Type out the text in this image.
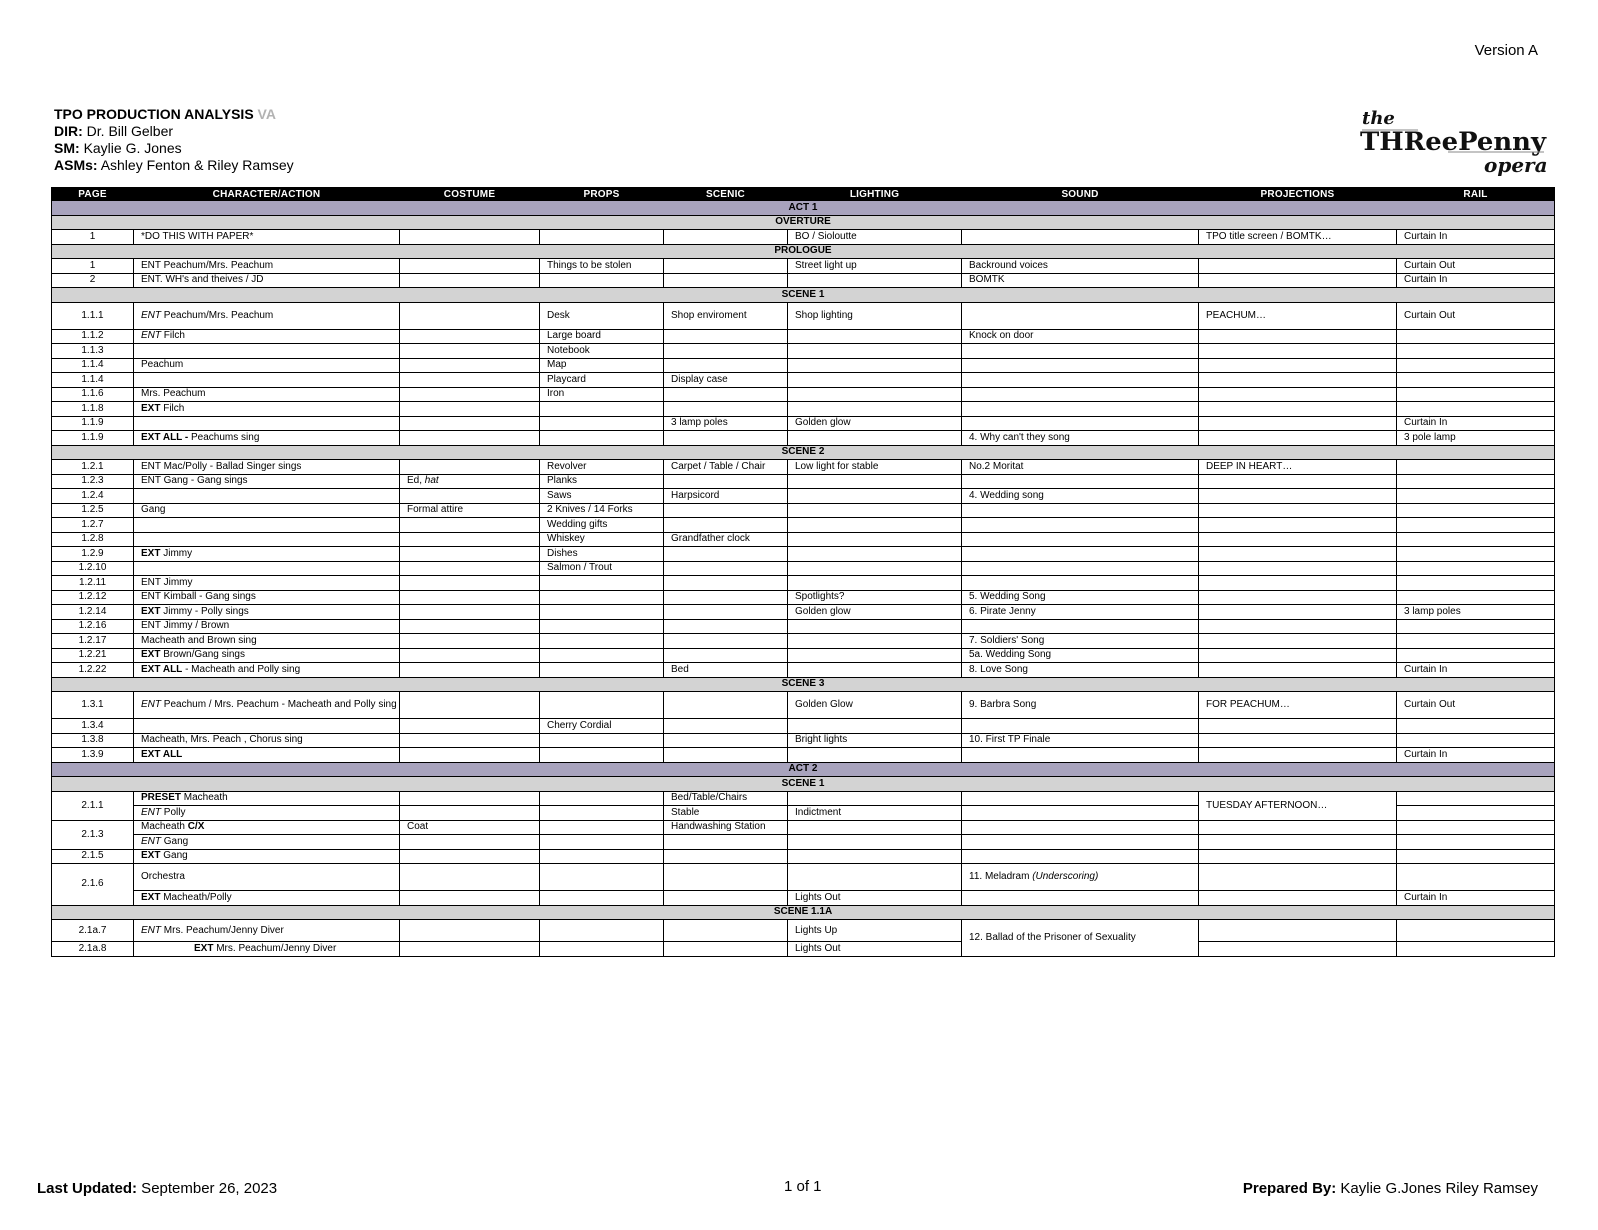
Version A
TPO PRODUCTION ANALYSIS VA
DIR: Dr. Bill Gelber
SM: Kaylie G. Jones
ASMs: Ashley Fenton & Riley Ramsey
the
THReePenny
opera
PAGE	CHARACTER/ACTION	COSTUME	PROPS	SCENIC	LIGHTING	SOUND	PROJECTIONS	RAIL
ACT 1								
OVERTURE								
1	*DO THIS WITH PAPER*				BO / Sioloutte		TPO title screen / BOMTK…	Curtain In
PROLOGUE								
1	ENT Peachum/Mrs. Peachum		Things to be stolen		Street light up	Backround voices		Curtain Out
2	ENT. WH's and theives / JD					BOMTK		Curtain In
SCENE 1								
1.1.1	ENT Peachum/Mrs. Peachum		Desk	Shop enviroment	Shop lighting		PEACHUM…	Curtain Out
1.1.2	ENT Filch		Large board			Knock on door		
1.1.3			Notebook					
1.1.4	Peachum		Map					
1.1.4			Playcard	Display case				
1.1.6	Mrs. Peachum		Iron					
1.1.8	EXT Filch							
1.1.9				3 lamp poles	Golden glow			Curtain In
1.1.9	EXT ALL - Peachums sing					4. Why can't they song		3 pole lamp
SCENE 2								
1.2.1	ENT Mac/Polly - Ballad Singer sings		Revolver	Carpet / Table / Chair	Low light for stable	No.2 Moritat	DEEP IN HEART…	
1.2.3	ENT Gang - Gang sings	Ed, hat	Planks					
1.2.4			Saws	Harpsicord		4. Wedding song		
1.2.5	Gang	Formal attire	2 Knives / 14 Forks					
1.2.7			Wedding gifts					
1.2.8			Whiskey	Grandfather clock				
1.2.9	EXT Jimmy		Dishes					
1.2.10			Salmon / Trout					
1.2.11	ENT Jimmy							
1.2.12	ENT Kimball - Gang sings				Spotlights?	5. Wedding Song		
1.2.14	EXT Jimmy - Polly sings				Golden glow	6. Pirate Jenny		3 lamp poles
1.2.16	ENT Jimmy / Brown							
1.2.17	Macheath and Brown sing					7. Soldiers' Song		
1.2.21	EXT Brown/Gang sings					5a. Wedding Song		
1.2.22	EXT ALL - Macheath and Polly sing			Bed		8. Love Song		Curtain In
SCENE 3								
1.3.1	ENT Peachum / Mrs. Peachum - Macheath and Polly sing				Golden Glow	9. Barbra Song	FOR PEACHUM…	Curtain Out
1.3.4			Cherry Cordial					
1.3.8	Macheath, Mrs. Peach , Chorus sing				Bright lights	10. First TP Finale		
1.3.9	EXT ALL							Curtain In
ACT 2								
SCENE 1								
2.1.1	PRESET Macheath			Bed/Table/Chairs			TUESDAY AFTERNOON…	
	ENT Polly			Stable	Indictment			
2.1.3	Macheath C/X	Coat		Handwashing Station				
	ENT Gang							
2.1.5	EXT Gang							
2.1.6	Orchestra					11. Meladram (Underscoring)		
	EXT Macheath/Polly				Lights Out			Curtain In
SCENE 1.1A								
2.1a.7	ENT Mrs. Peachum/Jenny Diver				Lights Up	12. Ballad of the Prisoner of Sexuality		
2.1a.8	EXT Mrs. Peachum/Jenny Diver				Lights Out			
Last Updated: September 26, 2023	1 of 1	Prepared By: Kaylie G.Jones Riley Ramsey
